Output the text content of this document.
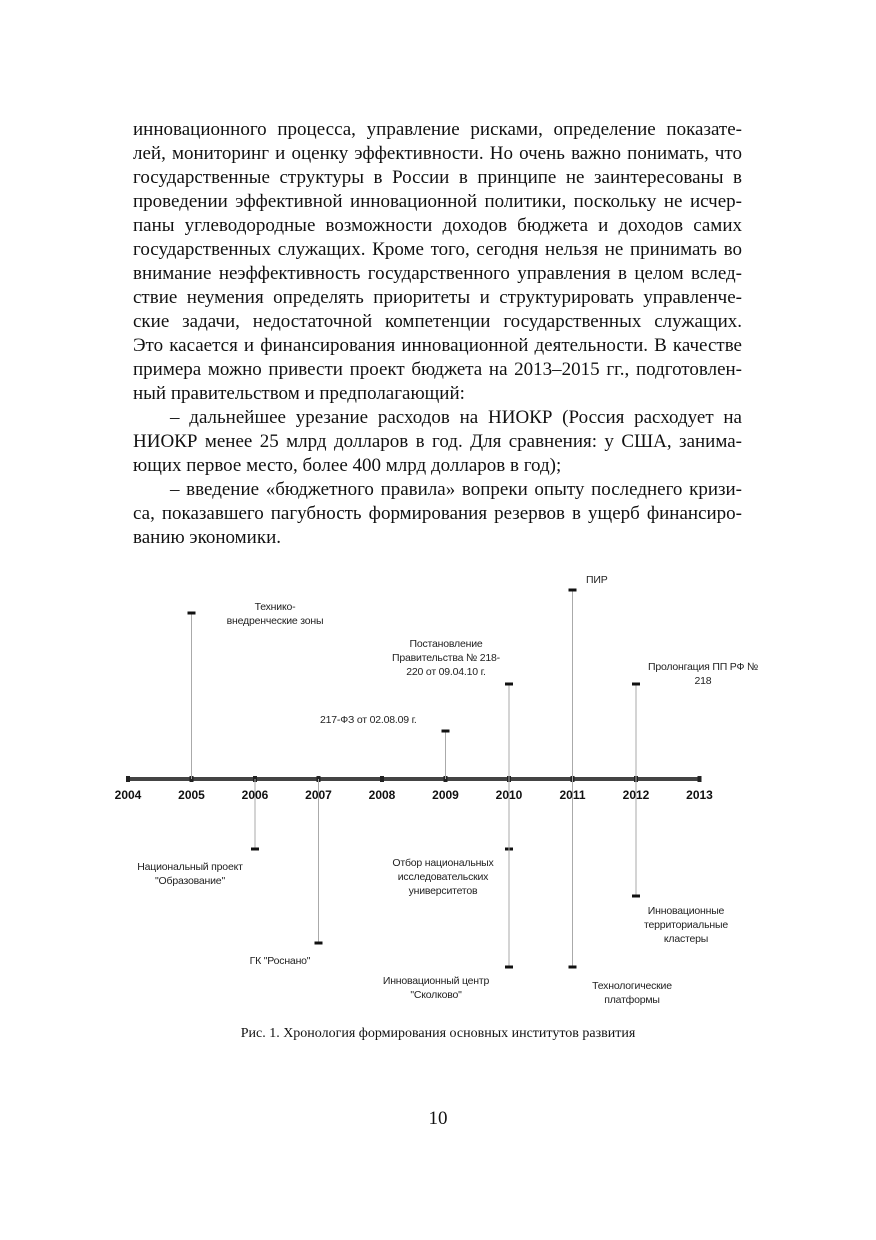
инновационного процесса, управление рисками, определение показате-
лей, мониторинг и оценку эффективности. Но очень важно понимать, что
государственные структуры в России в принципе не заинтересованы в
проведении эффективной инновационной политики, поскольку не исчер-
паны углеводородные возможности доходов бюджета и доходов самих
государственных служащих. Кроме того, сегодня нельзя не принимать во
внимание неэффективность государственного управления в целом вслед-
ствие неумения определять приоритеты и структурировать управленче-
ские задачи, недостаточной компетенции государственных служащих.
Это касается и финансирования инновационной деятельности. В качестве
примера можно привести проект бюджета на 2013–2015 гг., подготовлен-
ный правительством и предполагающий:
– дальнейшее урезание расходов на НИОКР (Россия расходует на
НИОКР менее 25 млрд долларов в год. Для сравнения: у США, занима-
ющих первое место, более 400 млрд долларов в год);
– введение «бюджетного правила» вопреки опыту последнего кризи-
са, показавшего пагубность формирования резервов в ущерб финансиро-
ванию экономики.
2004	2005	2006	2007	2008	2009	2010	2011	2012	2013
Технико-
внедренческие зоны
ПИР
Постановление
Правительства № 218-
220 от 09.04.10 г.	Пролонгация ПП РФ №
218
217-ФЗ от 02.08.09 г.
Национальный проект
"Образование"
ГК "Роснано"
Отбор национальных
исследовательских
университетов
Инновационный центр
"Сколково"
Технологические
платформы
Инновационные
территориальные
кластеры
Рис. 1. Хронология формирования основных институтов развития
10
